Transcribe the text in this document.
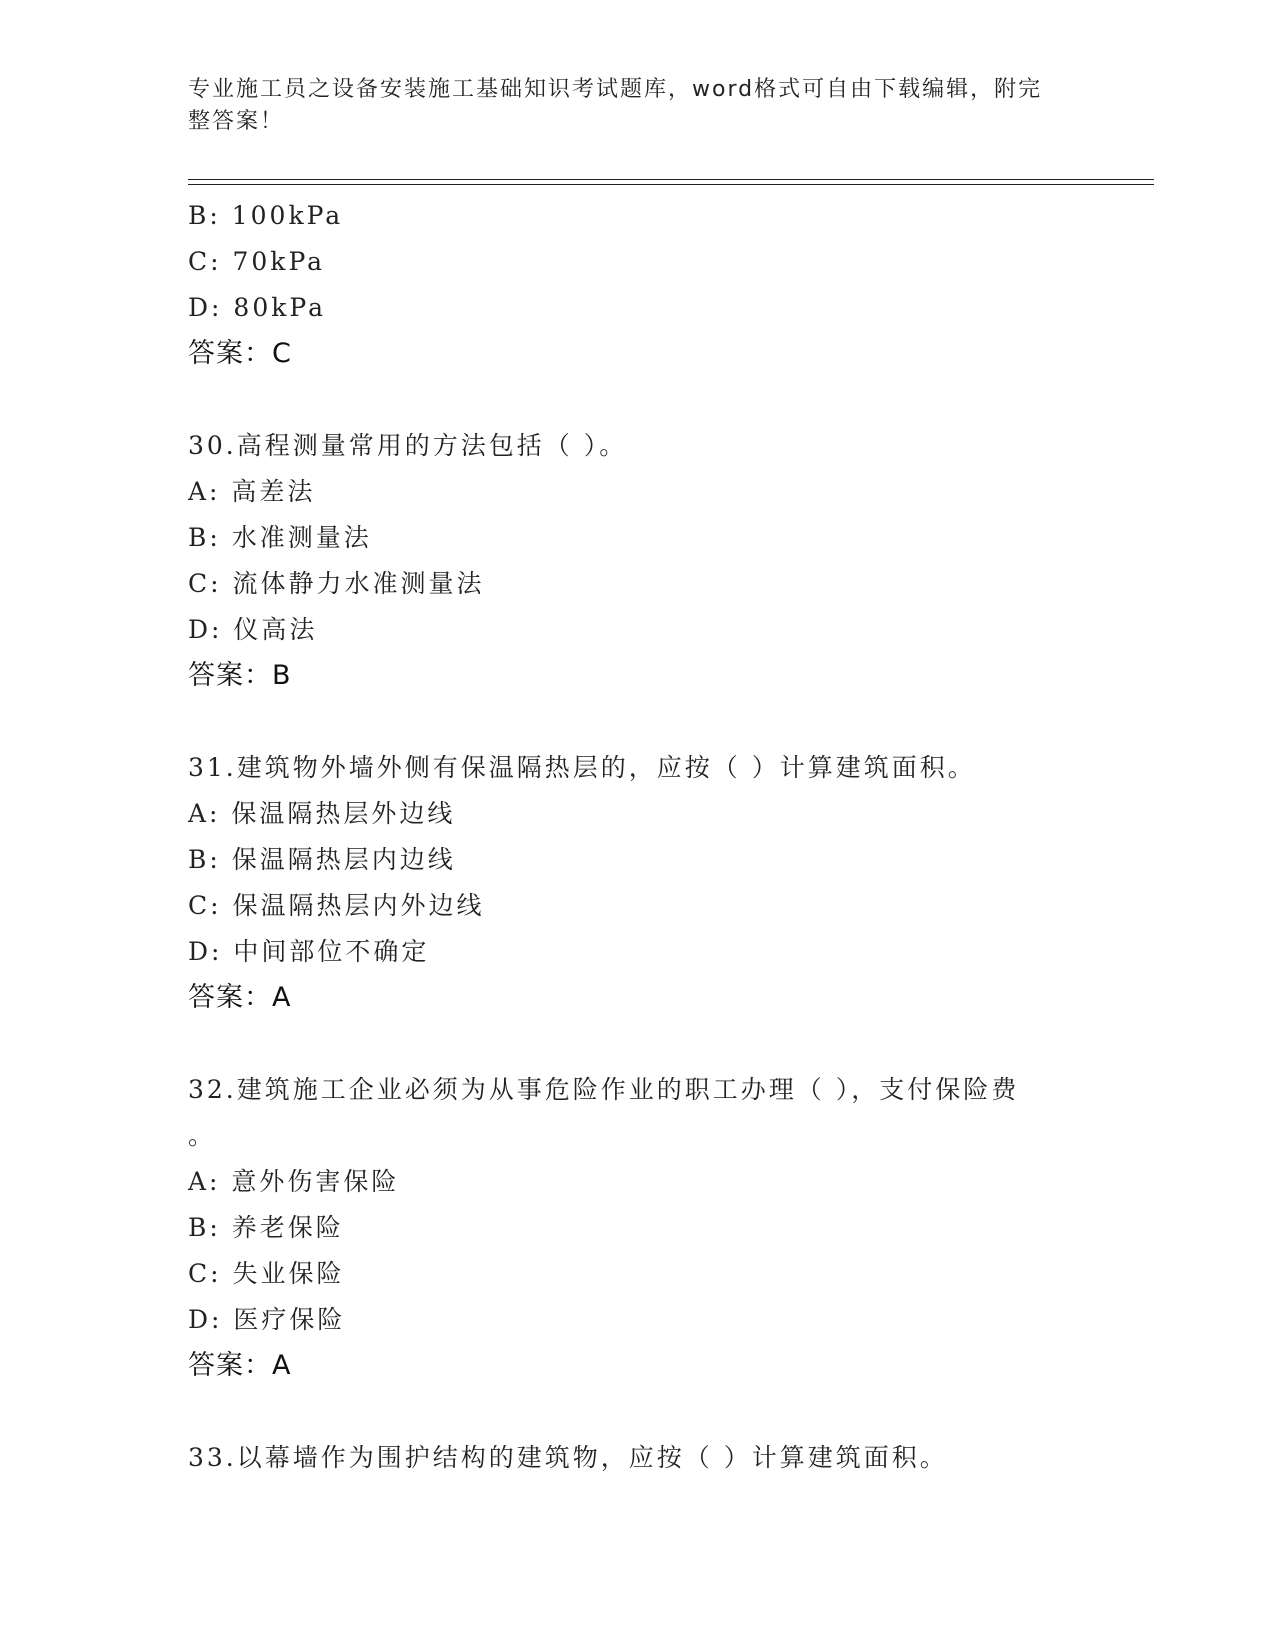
专业施工员之设备安装施工基础知识考试题库，word格式可自由下载编辑，附完
整答案！
B: 100kPa
C: 70kPa
D: 80kPa
答案：C
30.高程测量常用的方法包括（ ）。
A: 高差法
B: 水准测量法
C: 流体静力水准测量法
D: 仪高法
答案：B
31.建筑物外墙外侧有保温隔热层的，应按（ ）计算建筑面积。
A: 保温隔热层外边线
B: 保温隔热层内边线
C: 保温隔热层内外边线
D: 中间部位不确定
答案：A
32.建筑施工企业必须为从事危险作业的职工办理（ ），支付保险费
。
A: 意外伤害保险
B: 养老保险
C: 失业保险
D: 医疗保险
答案：A
33.以幕墙作为围护结构的建筑物，应按（ ）计算建筑面积。
